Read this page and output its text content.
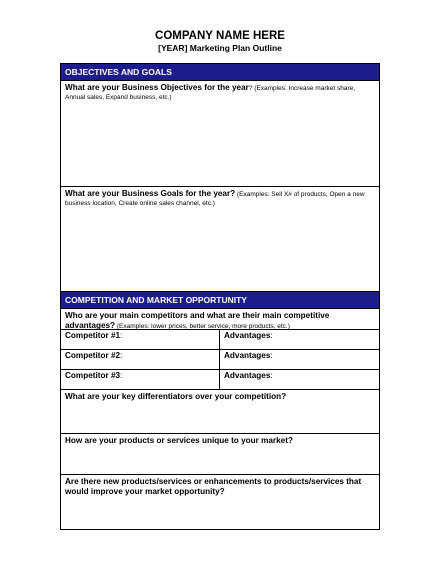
COMPANY NAME HERE
[YEAR] Marketing Plan Outline
OBJECTIVES AND GOALS
What are your Business Objectives for the year? (Examples: Increase market share, Annual sales, Expand business, etc.)
What are your Business Goals for the year? (Examples: Sell X# of products, Open a new business location, Create online sales channel, etc.)
COMPETITION AND MARKET OPPORTUNITY
Who are your main competitors and what are their main competitive advantages? (Examples: lower prices, better service, more products, etc.)
Competitor #1:	Advantages:
Competitor #2:	Advantages:
Competitor #3:	Advantages:
What are your key differentiators over your competition?
How are your products or services unique to your market?
Are there new products/services or enhancements to products/services that would improve your market opportunity?
